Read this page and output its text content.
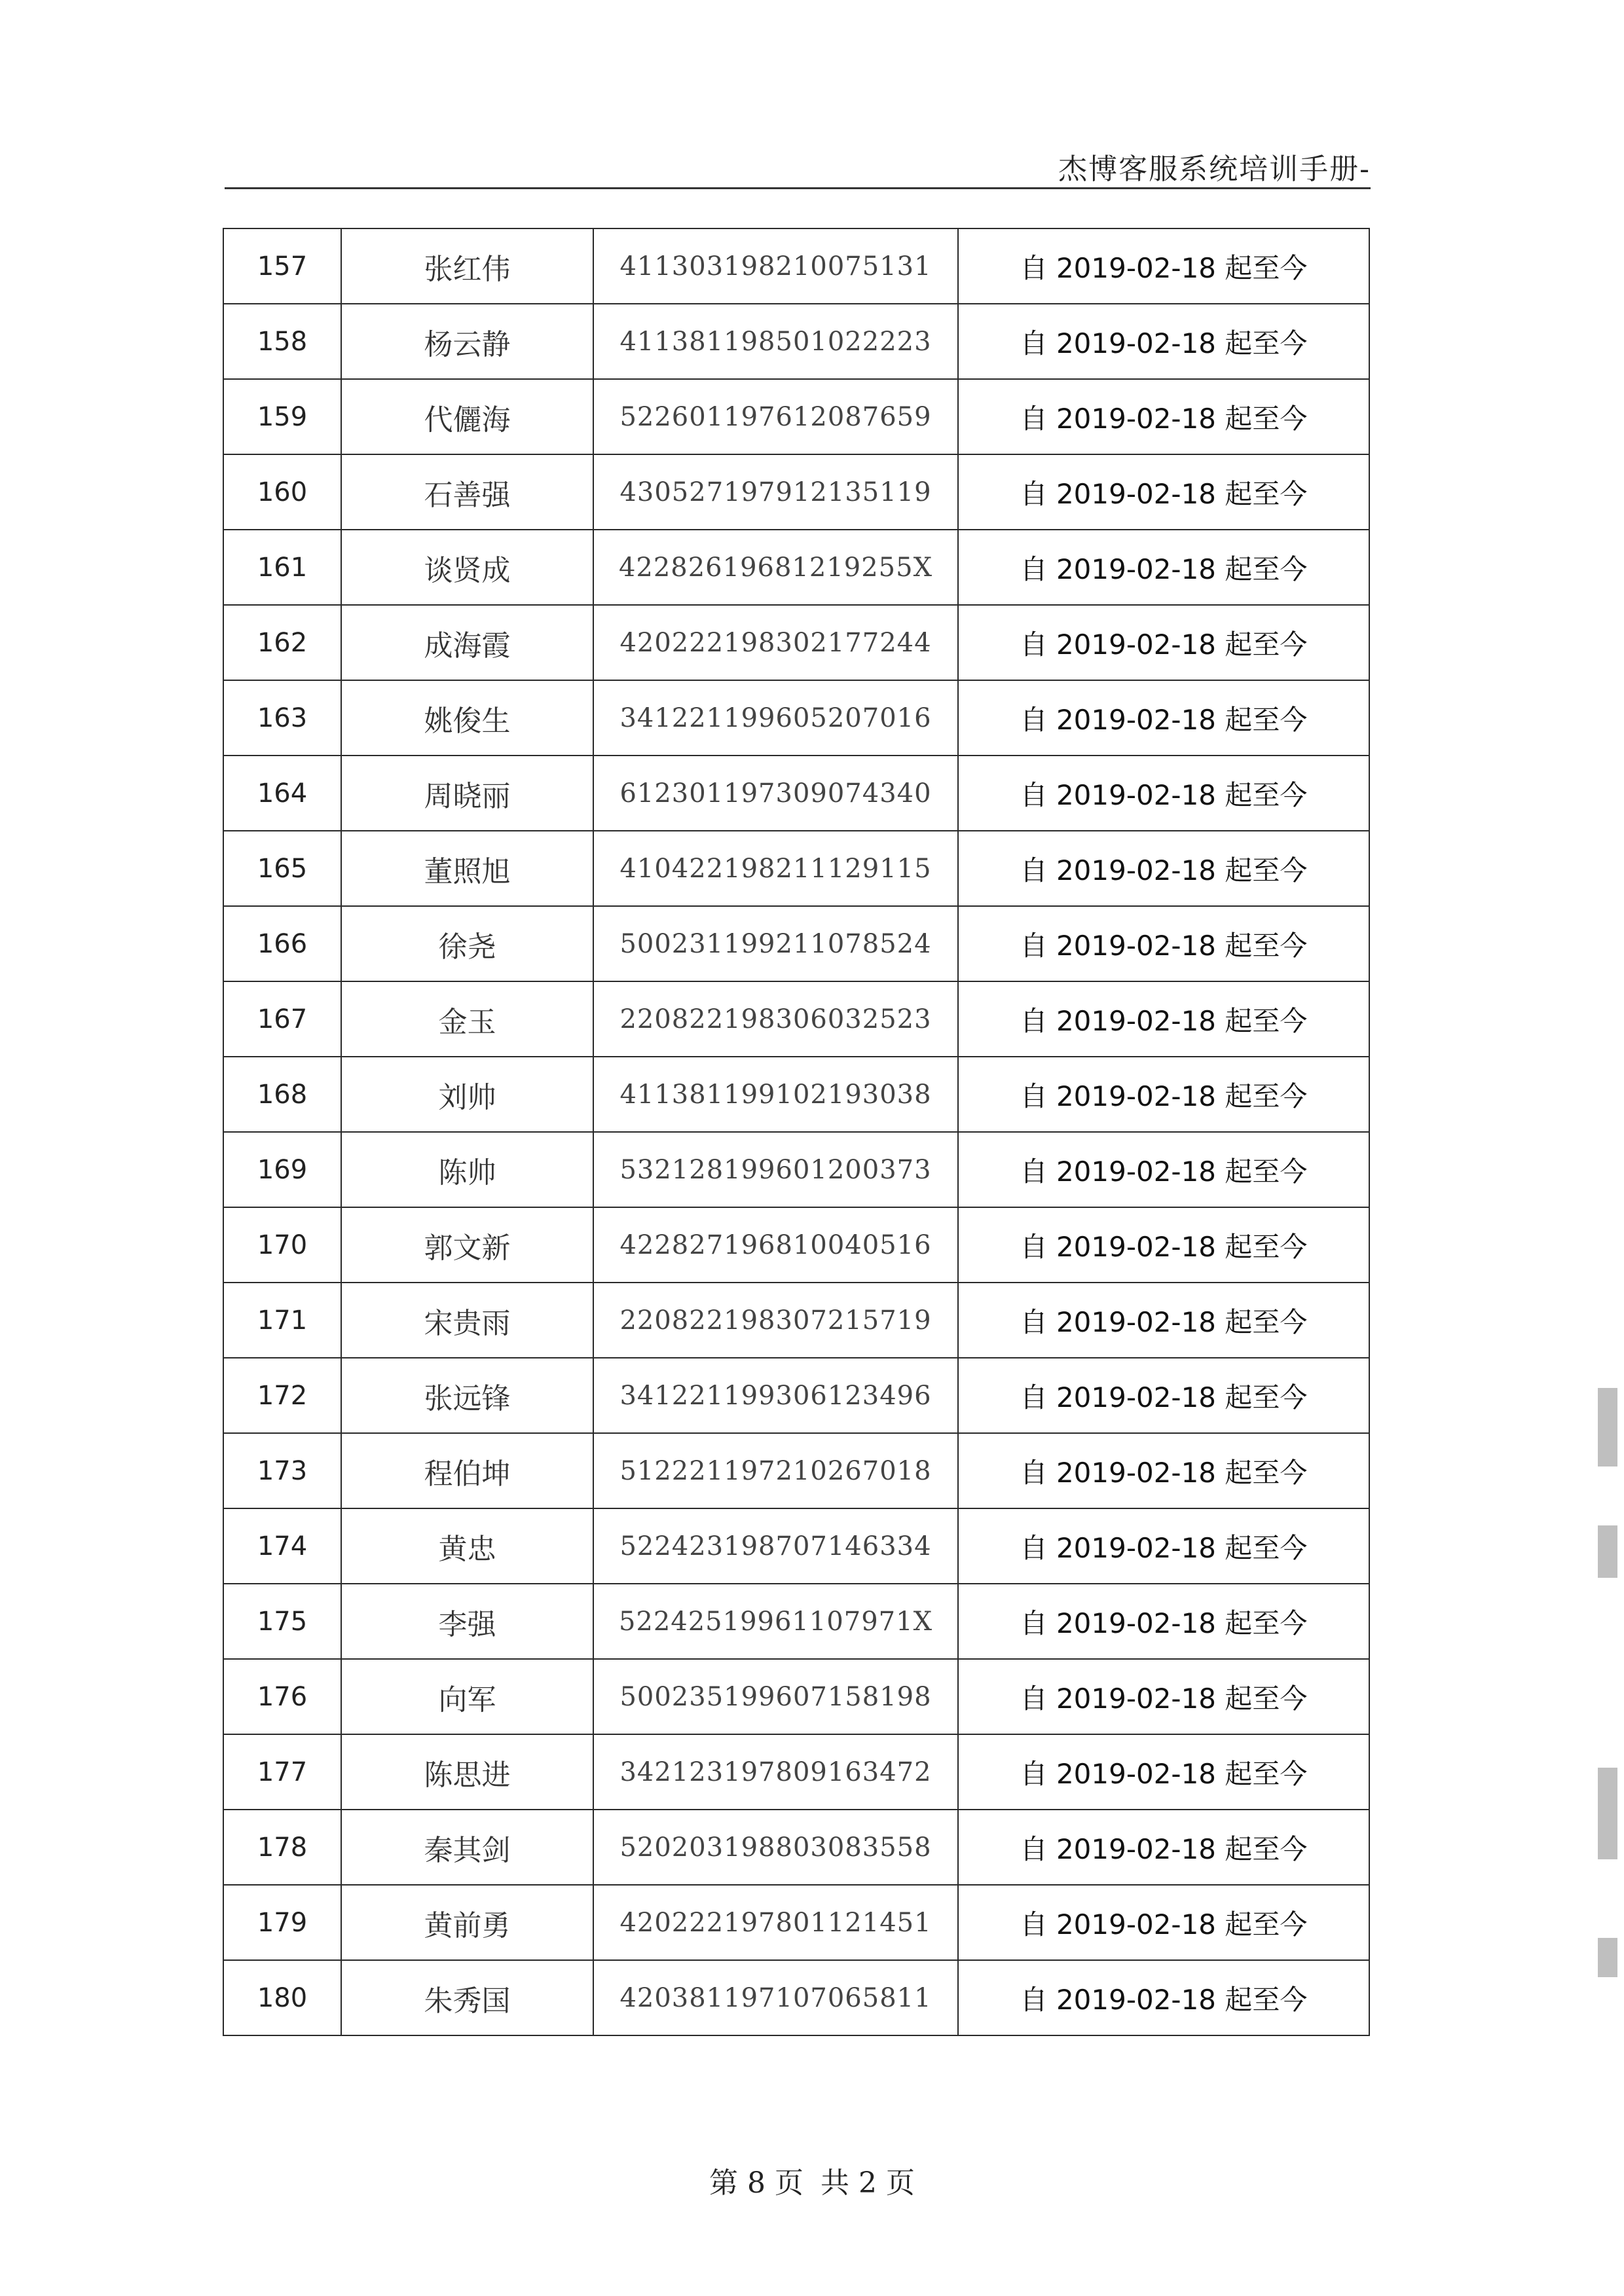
杰博客服系统培训手册-
157	张红伟	411303198210075131	自 2019-02-18 起至今
158	杨云静	411381198501022223	自 2019-02-18 起至今
159	代儷海	522601197612087659	自 2019-02-18 起至今
160	石善强	430527197912135119	自 2019-02-18 起至今
161	谈贤成	42282619681219255X	自 2019-02-18 起至今
162	成海霞	420222198302177244	自 2019-02-18 起至今
163	姚俊生	341221199605207016	自 2019-02-18 起至今
164	周晓丽	612301197309074340	自 2019-02-18 起至今
165	董照旭	410422198211129115	自 2019-02-18 起至今
166	徐尧	500231199211078524	自 2019-02-18 起至今
167	金玉	220822198306032523	自 2019-02-18 起至今
168	刘帅	411381199102193038	自 2019-02-18 起至今
169	陈帅	532128199601200373	自 2019-02-18 起至今
170	郭文新	422827196810040516	自 2019-02-18 起至今
171	宋贵雨	220822198307215719	自 2019-02-18 起至今
172	张远锋	341221199306123496	自 2019-02-18 起至今
173	程伯坤	512221197210267018	自 2019-02-18 起至今
174	黄忠	522423198707146334	自 2019-02-18 起至今
175	李强	52242519961107971X	自 2019-02-18 起至今
176	向军	500235199607158198	自 2019-02-18 起至今
177	陈思进	342123197809163472	自 2019-02-18 起至今
178	秦其剑	520203198803083558	自 2019-02-18 起至今
179	黄前勇	420222197801121451	自 2019-02-18 起至今
180	朱秀国	420381197107065811	自 2019-02-18 起至今
第 8 页 共 2 页
